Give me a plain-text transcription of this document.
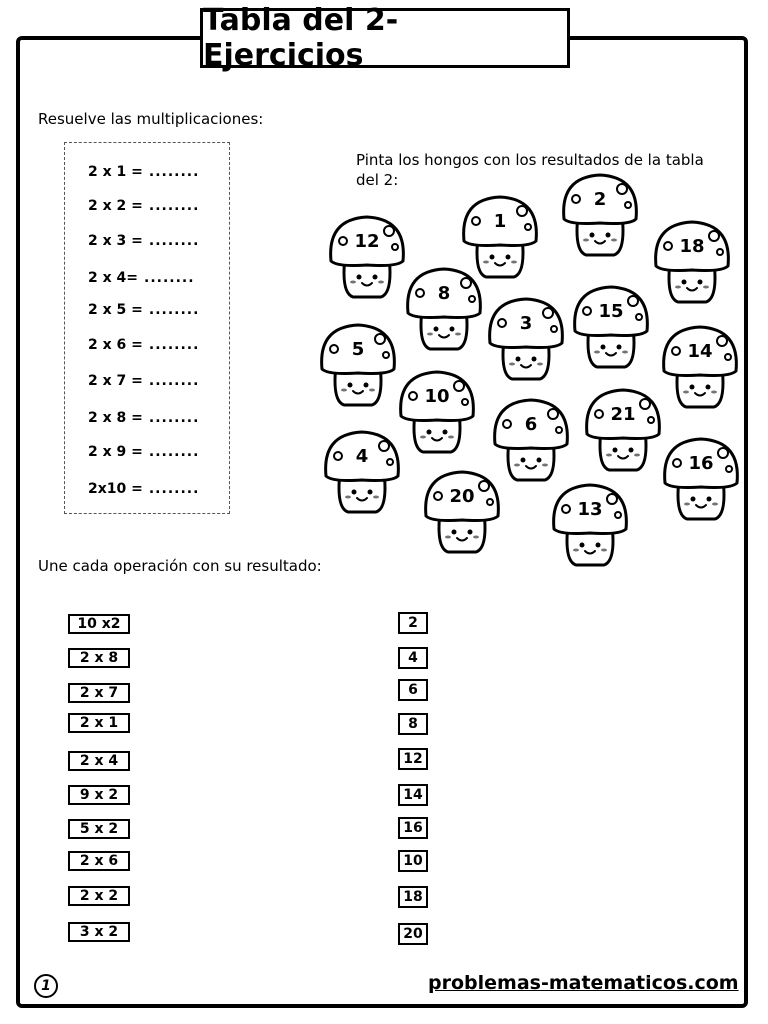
Tabla del 2- Ejercicios
Resuelve las multiplicaciones:
2 x 1 = ........
2 x 2 = ........
2 x 3 = ........
2 x 4= ........
2 x 5 = ........
2 x 6 = ........
2 x 7 = ........
2 x 8 = ........
2 x 9 = ........
2x10 = ........
Pinta los hongos con los resultados de la tabla del 2:
12
1
2
18
8
3
15
5	14
10
6	21
4	16
20
13
Une cada operación con su resultado:
10 x2
2 x 8
2 x 7
2 x 1
2 x 4
9 x 2
5 x 2
2 x 6
2 x 2
3 x 2
2
4
6
8
12
14
16
10
18
20
1	problemas-matematicos.com
